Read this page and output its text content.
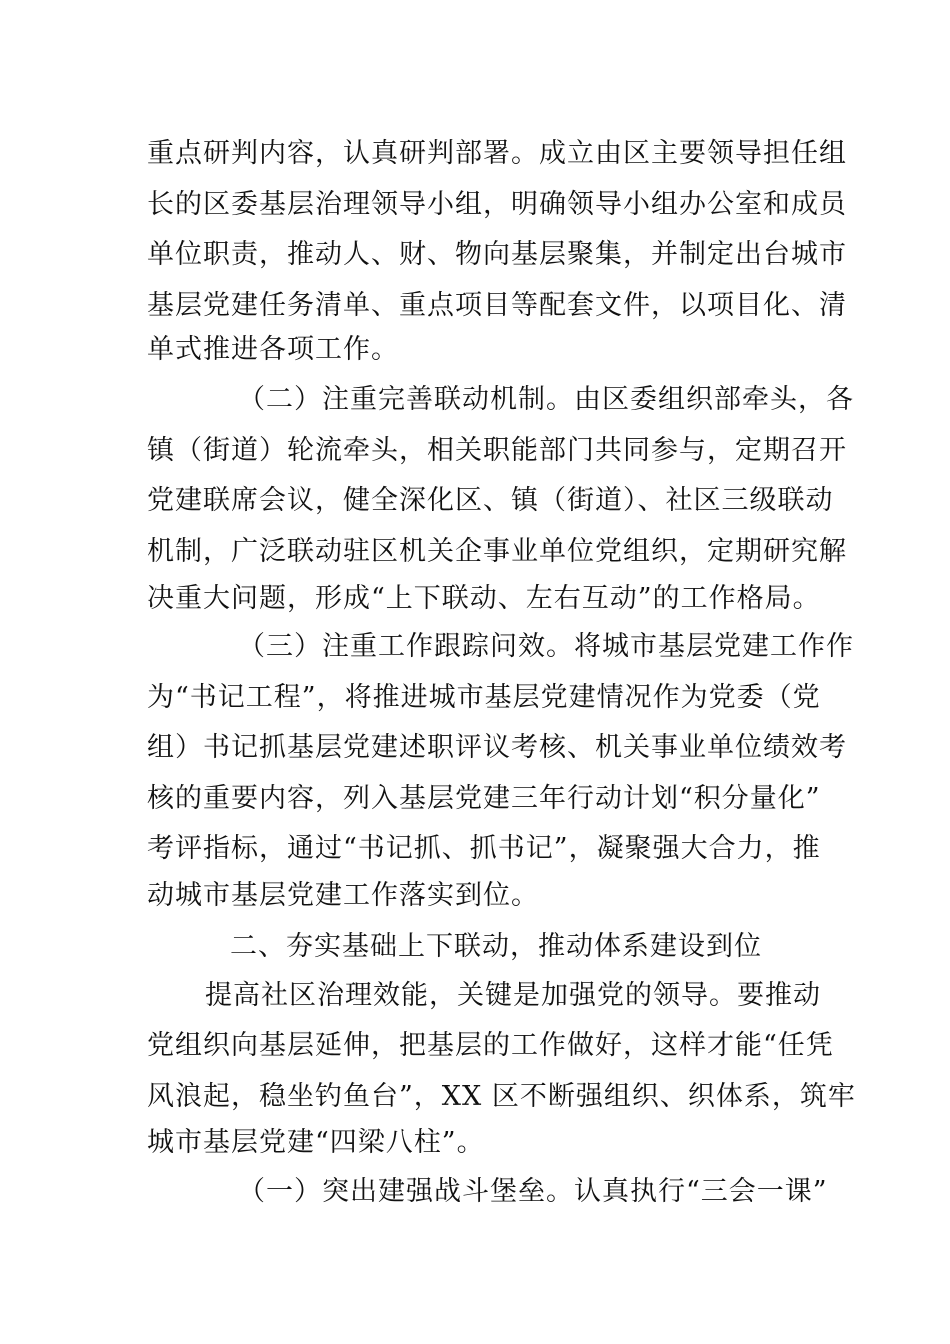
重点研判内容，认真研判部署。成立由区主要领导担任组
长的区委基层治理领导小组，明确领导小组办公室和成员
单位职责，推动人、财、物向基层聚集，并制定出台城市
基层党建任务清单、重点项目等配套文件，以项目化、清
单式推进各项工作。
（二）注重完善联动机制。由区委组织部牵头，各
镇（街道）轮流牵头，相关职能部门共同参与，定期召开
党建联席会议，健全深化区、镇（街道）、社区三级联动
机制，广泛联动驻区机关企事业单位党组织，定期研究解
决重大问题，形成“上下联动、左右互动”的工作格局。
（三）注重工作跟踪问效。将城市基层党建工作作
为“书记工程”，将推进城市基层党建情况作为党委（党
组）书记抓基层党建述职评议考核、机关事业单位绩效考
核的重要内容，列入基层党建三年行动计划“积分量化”
考评指标，通过“书记抓、抓书记”，凝聚强大合力，推
动城市基层党建工作落实到位。
二、夯实基础上下联动，推动体系建设到位
提高社区治理效能，关键是加强党的领导。要推动
党组织向基层延伸，把基层的工作做好，这样才能“任凭
风浪起，稳坐钓鱼台”，XX 区不断强组织、织体系，筑牢
城市基层党建“四梁八柱”。
（一）突出建强战斗堡垒。认真执行“三会一课”
